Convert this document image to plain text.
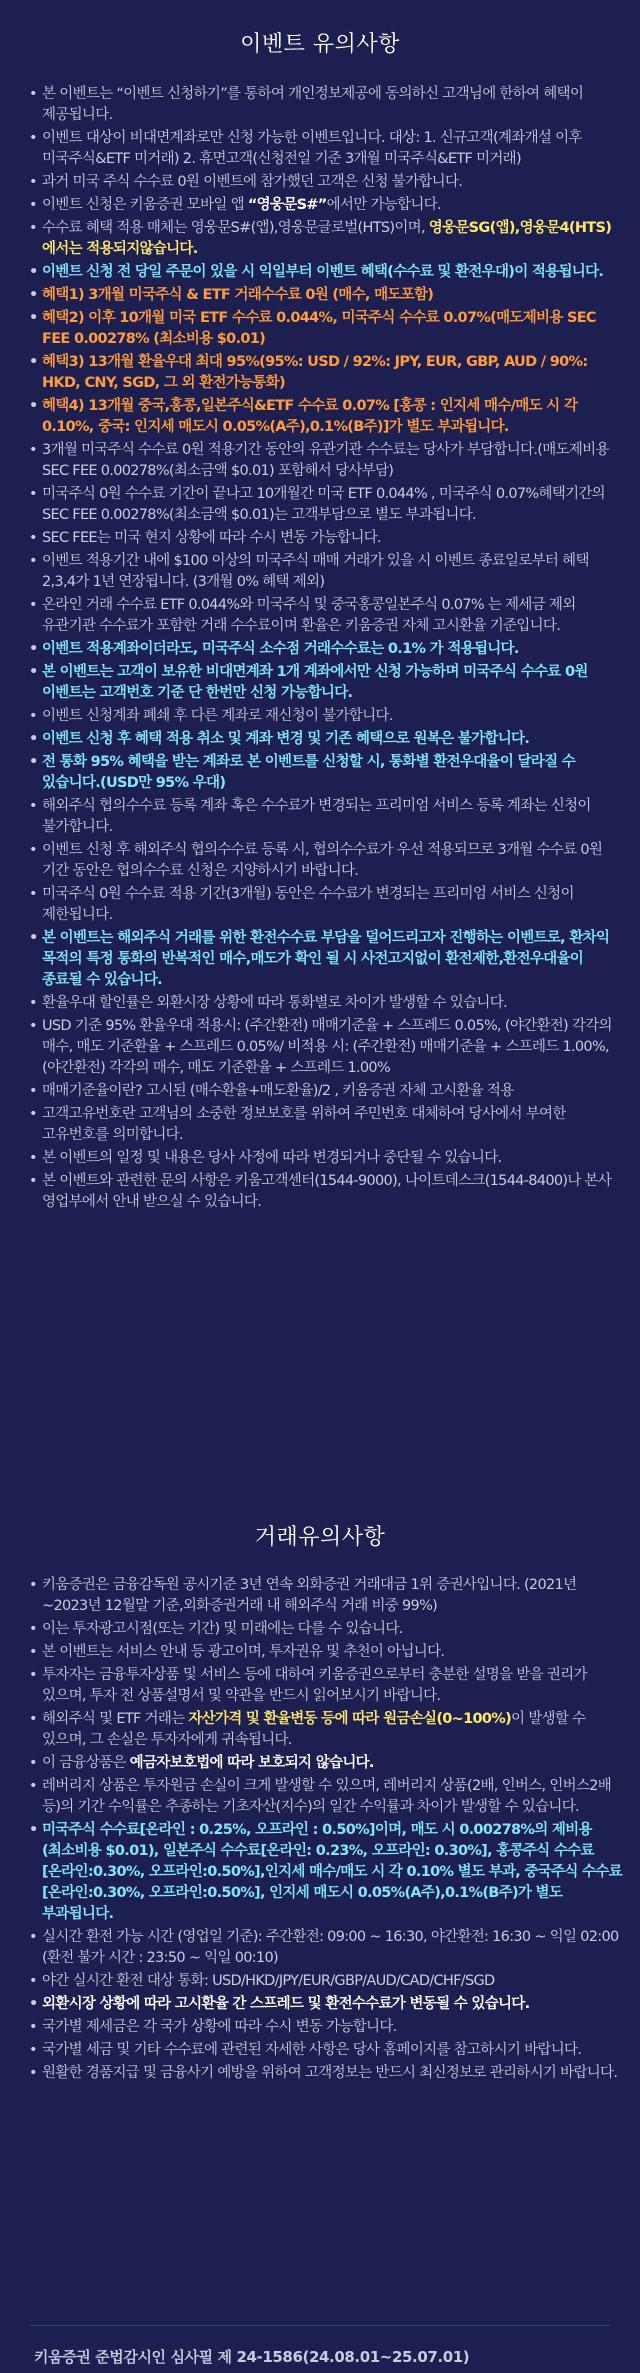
이벤트 유의사항
• 본 이벤트는 “이벤트 신청하기”를 통하여 개인정보제공에 동의하신 고객님에 한하여 혜택이 제공됩니다.
• 이벤트 대상이 비대면계좌로만 신청 가능한 이벤트입니다. 대상: 1. 신규고객(계좌개설 이후 미국주식&ETF 미거래) 2. 휴면고객(신청전일 기준 3개월 미국주식&ETF 미거래)
• 과거 미국 주식 수수료 0원 이벤트에 참가했던 고객은 신청 불가합니다.
• 이벤트 신청은 키움증권 모바일 앱 “영웅문S#”에서만 가능합니다.
• 수수료 혜택 적용 매체는 영웅문S#(앱),영웅문글로벌(HTS)이며, 영웅문SG(앱),영웅문4(HTS)에서는 적용되지않습니다.
• 이벤트 신청 전 당일 주문이 있을 시 익일부터 이벤트 혜택(수수료 및 환전우대)이 적용됩니다.
• 혜택1) 3개월 미국주식 & ETF 거래수수료 0원 (매수, 매도포함)
• 혜택2) 이후 10개월 미국 ETF 수수료 0.044%, 미국주식 수수료 0.07%(매도제비용 SEC FEE 0.00278% (최소비용 $0.01)
• 혜택3) 13개월 환율우대 최대 95%(95%: USD / 92%: JPY, EUR, GBP, AUD / 90%: HKD, CNY, SGD, 그 외 환전가능통화)
• 혜택4) 13개월 중국,홍콩,일본주식&ETF 수수료 0.07% [홍콩 : 인지세 매수/매도 시 각 0.10%, 중국: 인지세 매도시 0.05%(A주),0.1%(B주)]가 별도 부과됩니다.
• 3개월 미국주식 수수료 0원 적용기간 동안의 유관기관 수수료는 당사가 부담합니다.(매도제비용 SEC FEE 0.00278%(최소금액 $0.01) 포함해서 당사부담)
• 미국주식 0원 수수료 기간이 끝나고 10개월간 미국 ETF 0.044% , 미국주식 0.07%혜택기간의 SEC FEE 0.00278%(최소금액 $0.01)는 고객부담으로 별도 부과됩니다.
• SEC FEE는 미국 현지 상황에 따라 수시 변동 가능합니다.
• 이벤트 적용기간 내에 $100 이상의 미국주식 매매 거래가 있을 시 이벤트 종료일로부터 혜택 2,3,4가 1년 연장됩니다. (3개월 0% 혜택 제외)
• 온라인 거래 수수료 ETF 0.044%와 미국주식 및 중국홍콩일본주식 0.07% 는 제세금 제외 유관기관 수수료가 포함한 거래 수수료이며 환율은 키움증권 자체 고시환율 기준입니다.
• 이벤트 적용계좌이더라도, 미국주식 소수점 거래수수료는 0.1% 가 적용됩니다.
• 본 이벤트는 고객이 보유한 비대면계좌 1개 계좌에서만 신청 가능하며 미국주식 수수료 0원 이벤트는 고객번호 기준 단 한번만 신청 가능합니다.
• 이벤트 신청계좌 폐쇄 후 다른 계좌로 재신청이 불가합니다.
• 이벤트 신청 후 혜택 적용 취소 및 계좌 변경 및 기존 혜택으로 원복은 불가합니다.
• 전 통화 95% 혜택을 받는 계좌로 본 이벤트를 신청할 시, 통화별 환전우대율이 달라질 수 있습니다.(USD만 95% 우대)
• 해외주식 협의수수료 등록 계좌 혹은 수수료가 변경되는 프리미엄 서비스 등록 계좌는 신청이 불가합니다.
• 이벤트 신청 후 해외주식 협의수수료 등록 시, 협의수수료가 우선 적용되므로 3개월 수수료 0원 기간 동안은 협의수수료 신청은 지양하시기 바랍니다.
• 미국주식 0원 수수료 적용 기간(3개월) 동안은 수수료가 변경되는 프리미엄 서비스 신청이 제한됩니다.
• 본 이벤트는 해외주식 거래를 위한 환전수수료 부담을 덜어드리고자 진행하는 이벤트로, 환차익 목적의 특정 통화의 반복적인 매수,매도가 확인 될 시 사전고지없이 환전제한,환전우대율이 종료될 수 있습니다.
• 환율우대 할인률은 외환시장 상황에 따라 통화별로 차이가 발생할 수 있습니다.
• USD 기준 95% 환율우대 적용시: (주간환전) 매매기준율 + 스프레드 0.05%, (야간환전) 각각의 매수, 매도 기준환율 + 스프레드 0.05%/ 비적용 시: (주간환전) 매매기준율 + 스프레드 1.00%, (야간환전) 각각의 매수, 매도 기준환율 + 스프레드 1.00%
• 매매기준율이란? 고시된 (매수환율+매도환율)/2 , 키움증권 자체 고시환율 적용
• 고객고유번호란 고객님의 소중한 정보보호를 위하여 주민번호 대체하여 당사에서 부여한 고유번호를 의미합니다.
• 본 이벤트의 일정 및 내용은 당사 사정에 따라 변경되거나 중단될 수 있습니다.
• 본 이벤트와 관련한 문의 사항은 키움고객센터(1544-9000), 나이트데스크(1544-8400)나 본사 영업부에서 안내 받으실 수 있습니다.
거래유의사항
• 키움증권은 금융감독원 공시기준 3년 연속 외화증권 거래대금 1위 증권사입니다. (2021년~2023년 12월말 기준,외화증권거래 내 해외주식 거래 비중 99%)
• 이는 투자광고시점(또는 기간) 및 미래에는 다를 수 있습니다.
• 본 이벤트는 서비스 안내 등 광고이며, 투자권유 및 추천이 아닙니다.
• 투자자는 금융투자상품 및 서비스 등에 대하여 키움증권으로부터 충분한 설명을 받을 권리가 있으며, 투자 전 상품설명서 및 약관을 반드시 읽어보시기 바랍니다.
• 해외주식 및 ETF 거래는 자산가격 및 환율변동 등에 따라 원금손실(0~100%)이 발생할 수 있으며, 그 손실은 투자자에게 귀속됩니다.
• 이 금융상품은 예금자보호법에 따라 보호되지 않습니다.
• 레버리지 상품은 투자원금 손실이 크게 발생할 수 있으며, 레버리지 상품(2배, 인버스, 인버스2배 등)의 기간 수익률은 추종하는 기초자산(지수)의 일간 수익률과 차이가 발생할 수 있습니다.
• 미국주식 수수료[온라인 : 0.25%, 오프라인 : 0.50%]이며, 매도 시 0.00278%의 제비용(최소비용 $0.01), 일본주식 수수료[온라인: 0.23%, 오프라인: 0.30%], 홍콩주식 수수료[온라인:0.30%, 오프라인:0.50%],인지세 매수/매도 시 각 0.10% 별도 부과, 중국주식 수수료[온라인:0.30%, 오프라인:0.50%], 인지세 매도시 0.05%(A주),0.1%(B주)가 별도 부과됩니다.
• 실시간 환전 가능 시간 (영업일 기준): 주간환전: 09:00 ~ 16:30, 야간환전: 16:30 ~ 익일 02:00 (환전 불가 시간 : 23:50 ~ 익일 00:10)
• 야간 실시간 환전 대상 통화: USD/HKD/JPY/EUR/GBP/AUD/CAD/CHF/SGD
• 외환시장 상황에 따라 고시환율 간 스프레드 및 환전수수료가 변동될 수 있습니다.
• 국가별 제세금은 각 국가 상황에 따라 수시 변동 가능합니다.
• 국가별 세금 및 기타 수수료에 관련된 자세한 사항은 당사 홈페이지를 참고하시기 바랍니다.
• 원활한 경품지급 및 금융사기 예방을 위하여 고객정보는 반드시 최신정보로 관리하시기 바랍니다.
키움증권 준법감시인 심사필 제 24-1586(24.08.01~25.07.01)
